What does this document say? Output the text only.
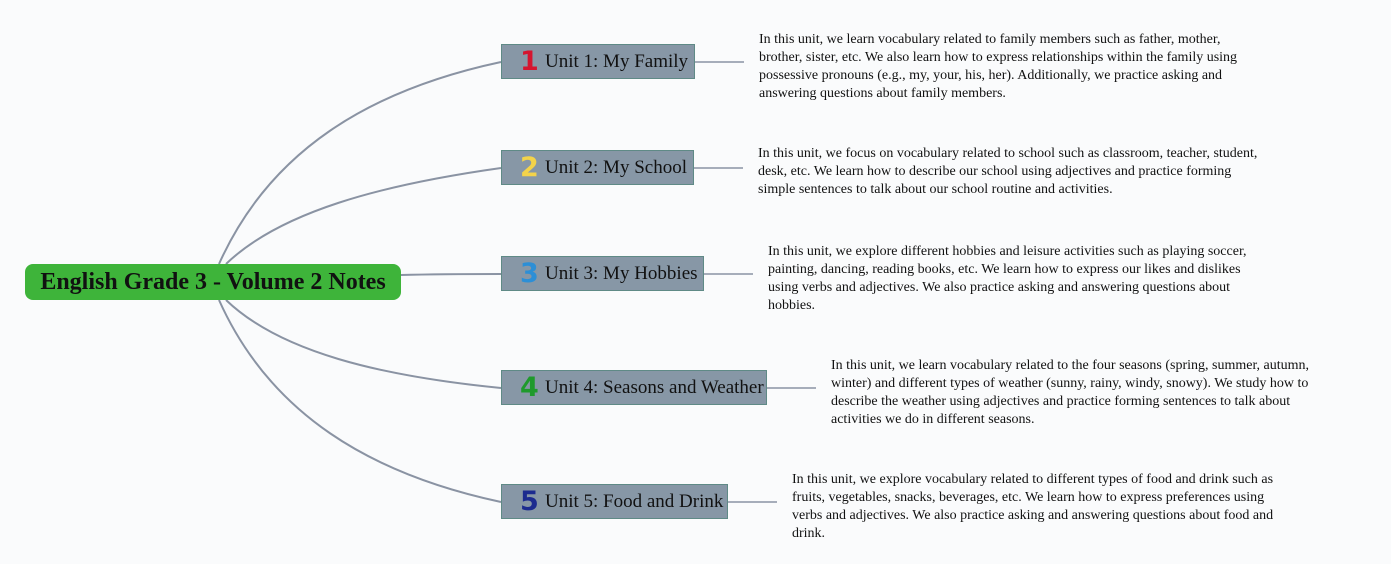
English Grade 3 - Volume 2 Notes
1 Unit 1: My Family
In this unit, we learn vocabulary related to family members such as father, mother, brother, sister, etc. We also learn how to express relationships within the family using possessive pronouns (e.g., my, your, his, her). Additionally, we practice asking and answering questions about family members.
2 Unit 2: My School
In this unit, we focus on vocabulary related to school such as classroom, teacher, student, desk, etc. We learn how to describe our school using adjectives and practice forming simple sentences to talk about our school routine and activities.
3 Unit 3: My Hobbies
In this unit, we explore different hobbies and leisure activities such as playing soccer, painting, dancing, reading books, etc. We learn how to express our likes and dislikes using verbs and adjectives. We also practice asking and answering questions about hobbies.
4 Unit 4: Seasons and Weather
In this unit, we learn vocabulary related to the four seasons (spring, summer, autumn, winter) and different types of weather (sunny, rainy, windy, snowy). We study how to describe the weather using adjectives and practice forming sentences to talk about activities we do in different seasons.
5 Unit 5: Food and Drink
In this unit, we explore vocabulary related to different types of food and drink such as fruits, vegetables, snacks, beverages, etc. We learn how to express preferences using verbs and adjectives. We also practice asking and answering questions about food and drink.
